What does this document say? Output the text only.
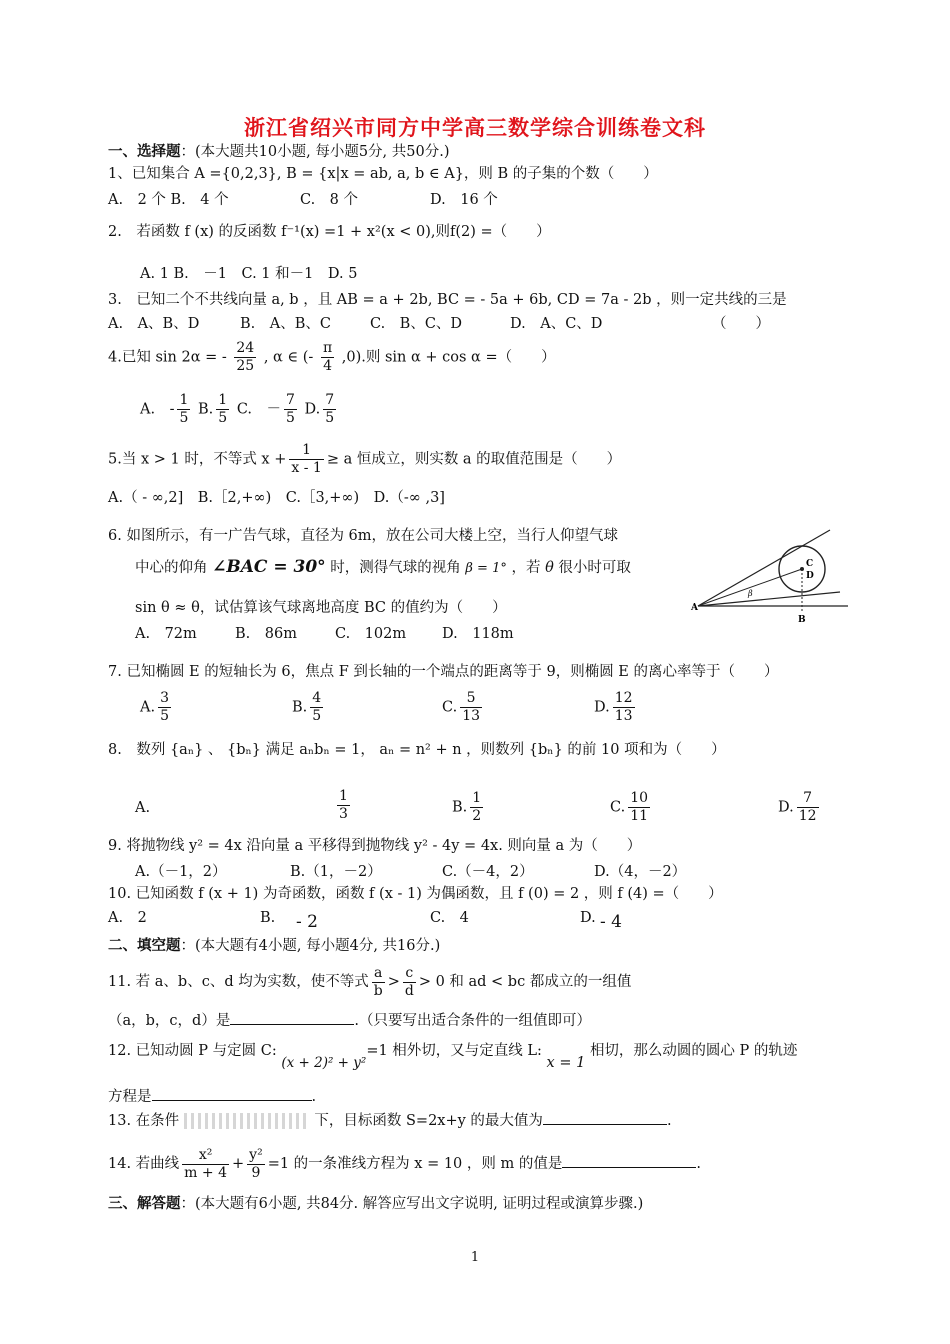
浙江省绍兴市同方中学高三数学综合训练卷文科
一、选择题：(本大题共10小题, 每小题5分, 共50分.)
1、已知集合 A ={0,2,3}, B = {x|x = ab, a, b ∈ A}，则 B 的子集的个数（　　）
A.　2 个 B.　4 个	C.　8 个	D.　16 个
2.　若函数 f (x) 的反函数 f⁻¹(x) =1 + x²(x < 0),则f(2) =（　　）
A. 1 B.　－1　C. 1 和－1　D. 5
3.　已知二个不共线向量 a, b ，且 AB = a + 2b, BC = - 5a + 6b, CD = 7a - 2b ，则一定共线的三是
A.　A、B、D	B.　A、B、C	C.　B、C、D	D.　A、C、D	（　　）
4.已知 sin 2α = - $\frac{24}{25}$ , α ∈ (- $\frac{\pi}{4} ,0$).则 sin α + cos α =（　　）
A.　- $\frac{1}{5} B$. $\frac{1}{5} C$.　－ $\frac{7}{5} D$. $\frac{7}{5}$
5.当 x > 1 时，不等式 $x + \frac{1}{x - 1} \ge a$ 恒成立，则实数 a 的取值范围是（　　）
A.（ - ∞,2]　B.［2,+∞)　C.［3,+∞)　D.（-∞ ,3]
6. 如图所示，有一广告气球，直径为 6m，放在公司大楼上空，当行人仰望气球
中心的仰角 ∠BAC = 30° 时，测得气球的视角 β = 1° ，若 θ 很小时可取
sin θ ≈ θ，试估算该气球离地高度 BC 的值约为（　　）
A.　72m	B.　86m	C.　102m D.　118m
A
B
C
D
β
7. 已知椭圆 E 的短轴长为 6，焦点 F 到长轴的一个端点的距离等于 9，则椭圆 E 的离心率等于（　　）
A. $\frac{3}{5}$	B. $\frac{4}{5}$	C. $\frac{5}{13}$	D. $\frac{12}{13}$
8.　数列 {aₙ} 、 {bₙ} 满足 aₙbₙ = 1， aₙ = n² + n ，则数列 {bₙ} 的前 10 项和为（　　）
A.	$\frac{1}{3}$	B. $\frac{1}{2}$	C. $\frac{10}{11}$	D. $\frac{7}{12}$
9. 将抛物线 y² = 4x 沿向量 a 平移得到抛物线 y² - 4y = 4x. 则向量 a 为（　　）
A.（－1，2）	B.（1，－2）	C.（－4，2）	D.（4，－2）
10. 已知函数 f (x + 1) 为奇函数，函数 f (x - 1) 为偶函数，且 f (0) = 2 ，则 f (4) =（　　）
A.　2	B. - 2	C.　4	D. - 4
二、填空题：(本大题有4小题, 每小题4分, 共16分.)
11. 若 a、b、c、d 均为实数，使不等式 $\frac{a}{b} > \frac{c}{d} > 0$ 和 ad < bc 都成立的一组值
（a，b，c，d）是	.（只要写出适合条件的一组值即可）
12. 已知动圆 P 与定圆 C: (x + 2)² + y²=1 相外切，又与定直线 L: x = 1 相切，那么动圆的圆心 P 的轨迹
方程是	.
13. 在条件	下，目标函数 S=2x+y 的最大值为	.
14. 若曲线 $\frac{\text{x²}}{m + 4} + \frac{\text{y²}}{9} =1$ 的一条准线方程为 x = 10 ，则 m 的值是	.
三、解答题：(本大题有6小题, 共84分. 解答应写出文字说明, 证明过程或演算步骤.)
1
